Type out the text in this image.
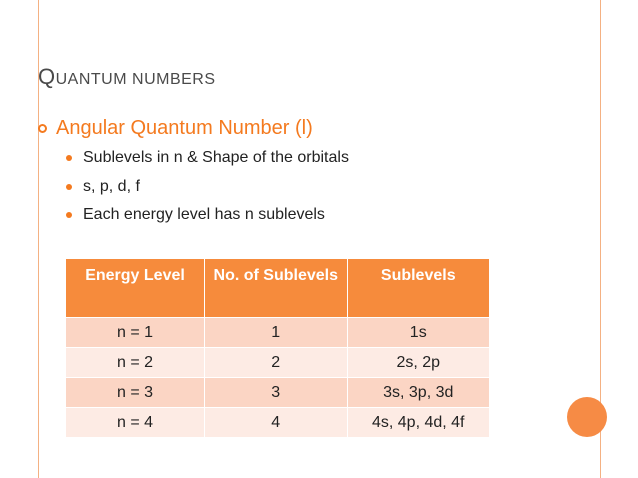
QUANTUM NUMBERS
Angular Quantum Number (l)
Sublevels in n & Shape of the orbitals
s, p, d, f
Each energy level has n sublevels
Energy Level	No. of Sublevels	Sublevels
n = 1	1	1s
n = 2	2	2s, 2p
n = 3	3	3s, 3p, 3d
n = 4	4	4s, 4p, 4d, 4f
